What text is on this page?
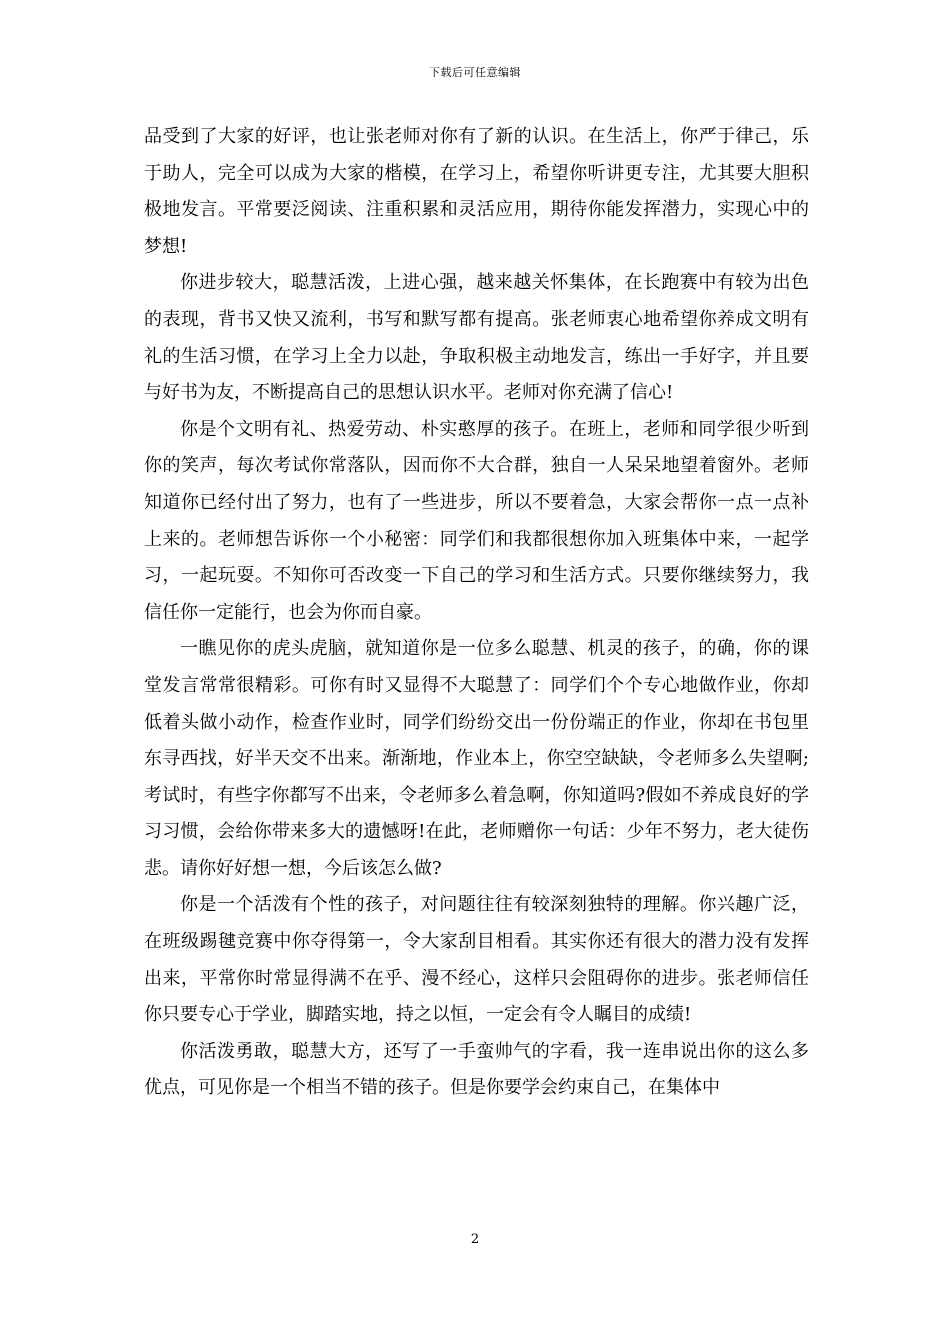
下载后可任意编辑

品受到了大家的好评，也让张老师对你有了新的认识。在生活上，你严于律己，乐于助人，完全可以成为大家的楷模，在学习上，希望你听讲更专注，尤其要大胆积极地发言。平常要泛阅读、注重积累和灵活应用，期待你能发挥潜力，实现心中的梦想!

你进步较大，聪慧活泼，上进心强，越来越关怀集体，在长跑赛中有较为出色的表现，背书又快又流利，书写和默写都有提高。张老师衷心地希望你养成文明有礼的生活习惯，在学习上全力以赴，争取积极主动地发言，练出一手好字，并且要与好书为友，不断提高自己的思想认识水平。老师对你充满了信心!

你是个文明有礼、热爱劳动、朴实憨厚的孩子。在班上，老师和同学很少听到你的笑声，每次考试你常落队，因而你不大合群，独自一人呆呆地望着窗外。老师知道你已经付出了努力，也有了一些进步，所以不要着急，大家会帮你一点一点补上来的。老师想告诉你一个小秘密：同学们和我都很想你加入班集体中来，一起学习，一起玩耍。不知你可否改变一下自己的学习和生活方式。只要你继续努力，我信任你一定能行，也会为你而自豪。

一瞧见你的虎头虎脑，就知道你是一位多么聪慧、机灵的孩子，的确，你的课堂发言常常很精彩。可你有时又显得不大聪慧了：同学们个个专心地做作业，你却低着头做小动作，检查作业时，同学们纷纷交出一份份端正的作业，你却在书包里东寻西找，好半天交不出来。渐渐地，作业本上，你空空缺缺，令老师多么失望啊;考试时，有些字你都写不出来，令老师多么着急啊，你知道吗?假如不养成良好的学习习惯，会给你带来多大的遗憾呀!在此，老师赠你一句话：少年不努力，老大徒伤悲。请你好好想一想，今后该怎么做?

你是一个活泼有个性的孩子，对问题往往有较深刻独特的理解。你兴趣广泛，在班级踢毽竞赛中你夺得第一，令大家刮目相看。其实你还有很大的潜力没有发挥出来，平常你时常显得满不在乎、漫不经心，这样只会阻碍你的进步。张老师信任你只要专心于学业，脚踏实地，持之以恒，一定会有令人瞩目的成绩!

你活泼勇敢，聪慧大方，还写了一手蛮帅气的字看，我一连串说出你的这么多优点，可见你是一个相当不错的孩子。但是你要学会约束自己，在集体中

2
